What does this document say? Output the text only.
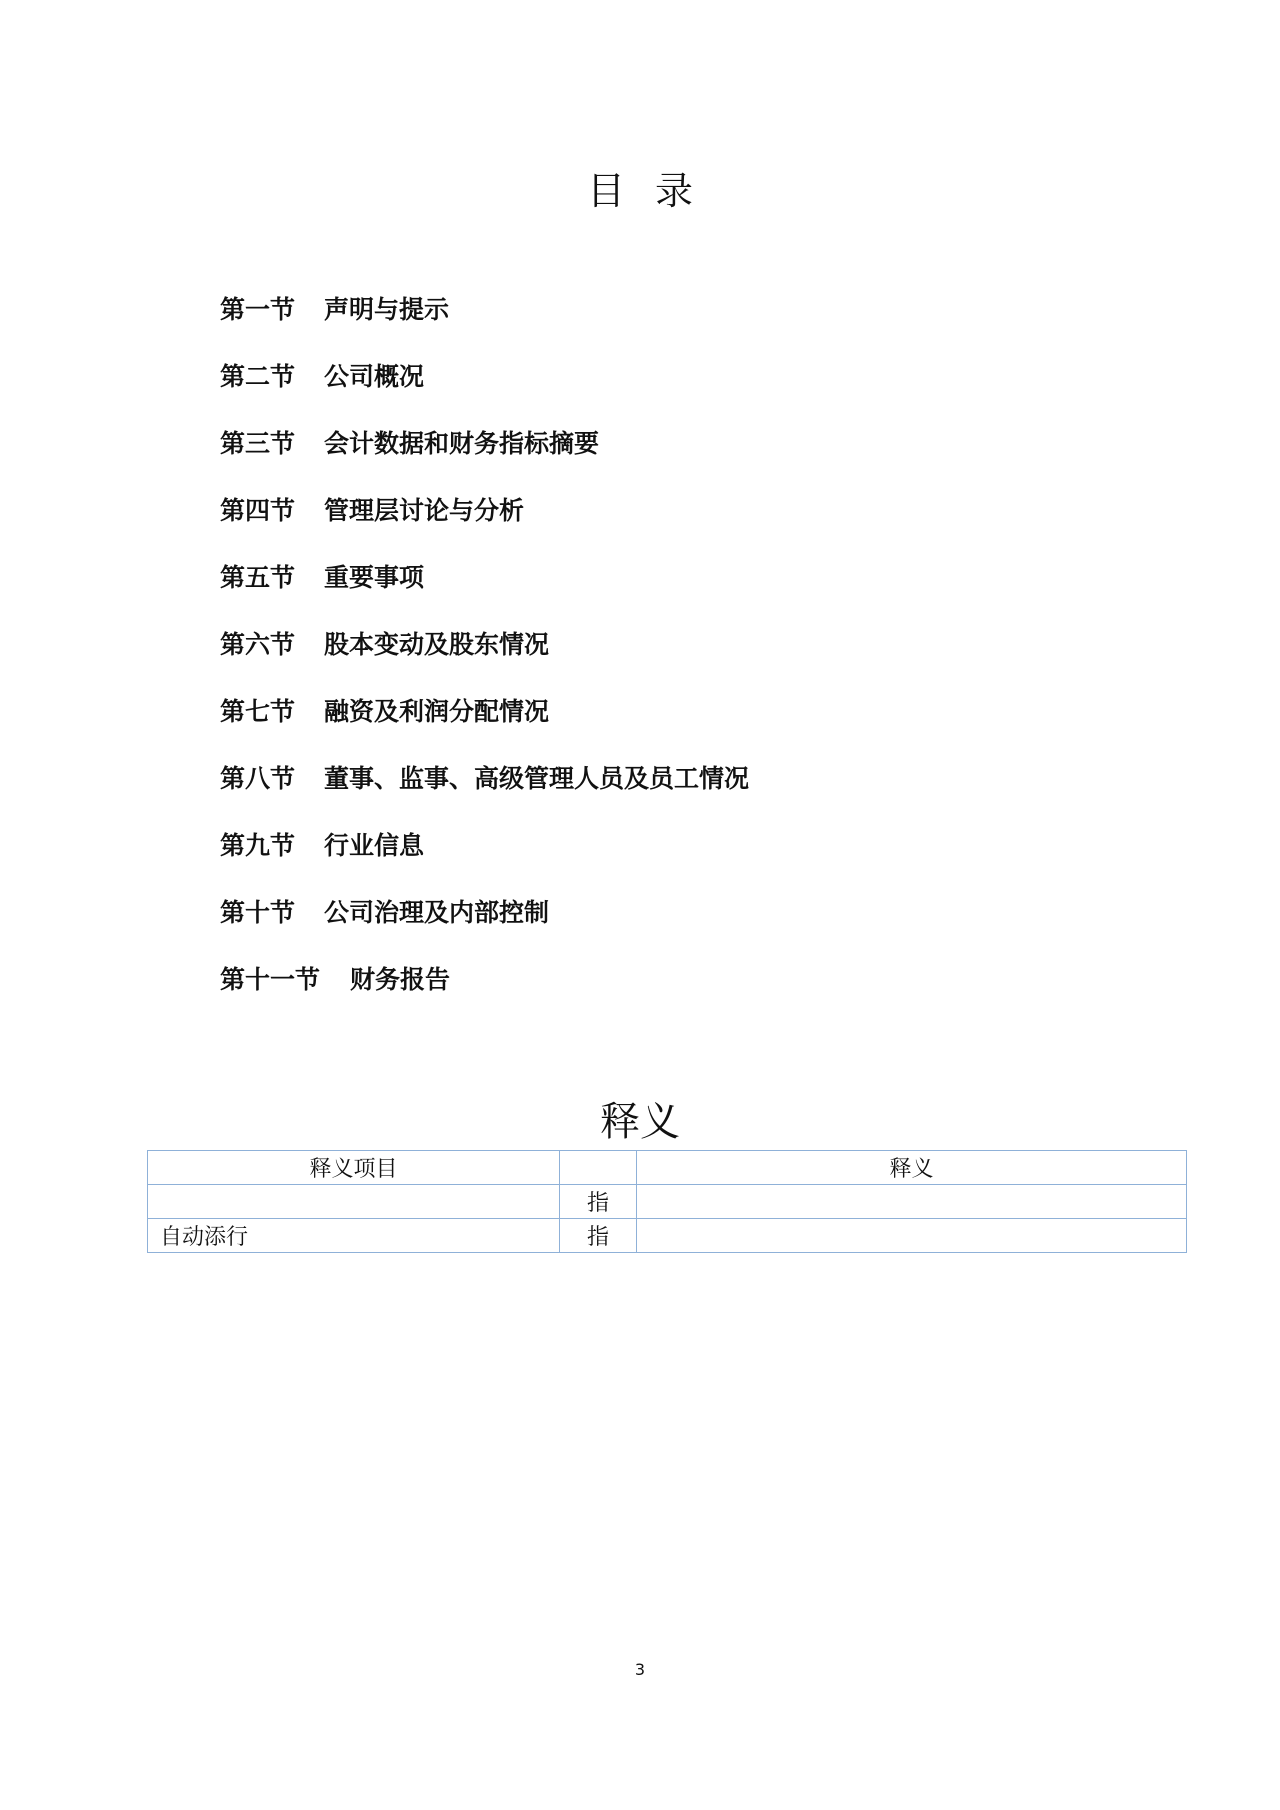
目录
第一节	声明与提示
第二节	公司概况
第三节	会计数据和财务指标摘要
第四节	管理层讨论与分析
第五节	重要事项
第六节	股本变动及股东情况
第七节	融资及利润分配情况
第八节	董事、监事、高级管理人员及员工情况
第九节	行业信息
第十节	公司治理及内部控制
第十一节	财务报告
释义
释义项目		释义
	指	
自动添行	指	
3
